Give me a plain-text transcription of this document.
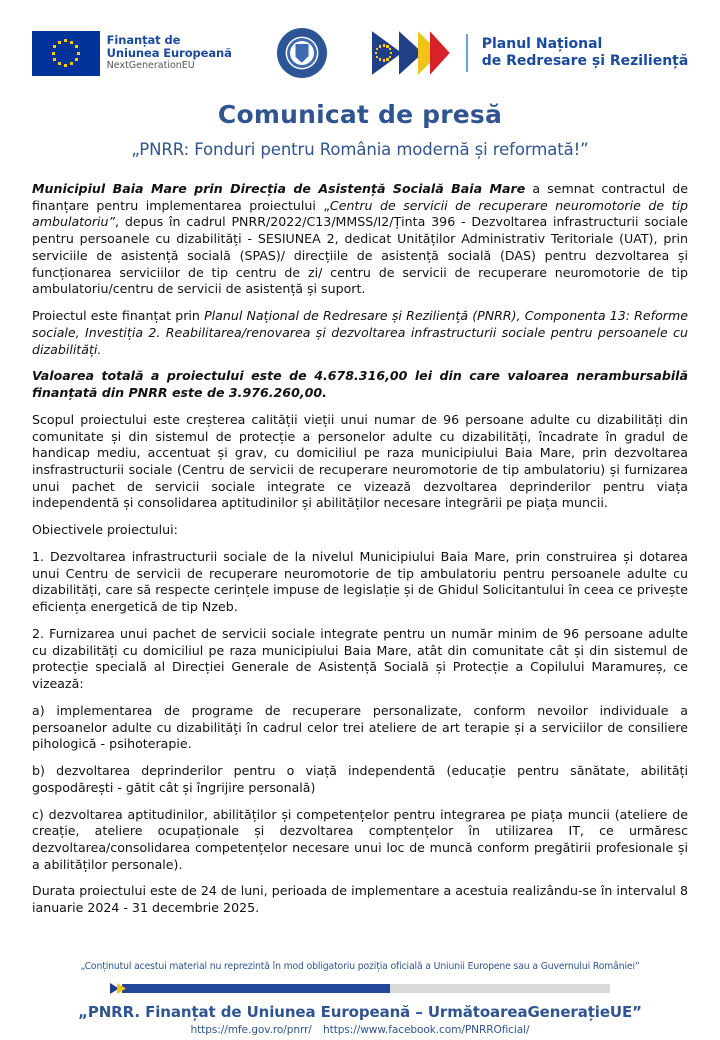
Finanțat de
Uniunea Europeană
NextGenerationEU
Planul Național
de Redresare și Reziliență
Comunicat de presă
„PNRR: Fonduri pentru România modernă și reformată!”

Municipiul Baia Mare prin Direcția de Asistență Socială Baia Mare a semnat contractul de finanțare pentru implementarea proiectului „Centru de servicii de recuperare neuromotorie de tip ambulatoriu”, depus în cadrul PNRR/2022/C13/MMSS/I2/Ținta 396 - Dezvoltarea infrastructurii sociale pentru persoanele cu dizabilități - SESIUNEA 2, dedicat Unităților Administrativ Teritoriale (UAT), prin serviciile de asistență socială (SPAS)/ direcțiile de asistență socială (DAS) pentru dezvoltarea și funcționarea serviciilor de tip centru de zi/ centru de servicii de recuperare neuromotorie de tip ambulatoriu/centru de servicii de asistență și suport.

Proiectul este finanțat prin Planul Național de Redresare și Reziliență (PNRR), Componenta 13: Reforme sociale, Investiția 2. Reabilitarea/renovarea și dezvoltarea infrastructurii sociale pentru persoanele cu dizabilități.

Valoarea totală a proiectului este de 4.678.316,00 lei din care valoarea nerambursabilă finanțată din PNRR este de 3.976.260,00.

Scopul proiectului este creșterea calității vieții unui numar de 96 persoane adulte cu dizabilități din comunitate și din sistemul de protecție a personelor adulte cu dizabilități, încadrate în gradul de handicap mediu, accentuat și grav, cu domiciliul pe raza municipiului Baia Mare, prin dezvoltarea insfrastructurii sociale (Centru de servicii de recuperare neuromotorie de tip ambulatoriu) și furnizarea unui pachet de servicii sociale integrate ce vizează dezvoltarea deprinderilor pentru viața independentă și consolidarea aptitudinilor și abilităților necesare integrării pe piața muncii.

Obiectivele proiectului:

1. Dezvoltarea infrastructurii sociale de la nivelul Municipiului Baia Mare, prin construirea și dotarea unui Centru de servicii de recuperare neuromotorie de tip ambulatoriu pentru persoanele adulte cu dizabilități, care să respecte cerințele impuse de legislație și de Ghidul Solicitantului în ceea ce privește eficiența energetică de tip Nzeb.

2. Furnizarea unui pachet de servicii sociale integrate pentru un număr minim de 96 persoane adulte cu dizabilități cu domiciliul pe raza municipiului Baia Mare, atât din comunitate cât și din sistemul de protecție specială al Direcției Generale de Asistență Socială și Protecție a Copilului Maramureș, ce vizează:

a) implementarea de programe de recuperare personalizate, conform nevoilor individuale a persoanelor adulte cu dizabilități în cadrul celor trei ateliere de art terapie și a serviciilor de consiliere pihologică - psihoterapie.

b) dezvoltarea deprinderilor pentru o viață independentă (educație pentru sănătate, abilități gospodărești - gătit cât și îngrijire personală)

c) dezvoltarea aptitudinilor, abilităților și competențelor pentru integrarea pe piața muncii (ateliere de creație, ateliere ocupaționale și dezvoltarea comptențelor în utilizarea IT, ce urmăresc dezvoltarea/consolidarea competențelor necesare unui loc de muncă conform pregătirii profesionale și a abilităților personale).

Durata proiectului este de 24 de luni, perioada de implementare a acestuia realizându-se în intervalul 8 ianuarie 2024 - 31 decembrie 2025.

„Conținutul acestui material nu reprezintă în mod obligatoriu poziția oficială a Uniunii Europene sau a Guvernului României”
„PNRR. Finanțat de Uniunea Europeană – UrmătoareaGenerațieUE”
https://mfe.gov.ro/pnrr/ https://www.facebook.com/PNRROficial/
